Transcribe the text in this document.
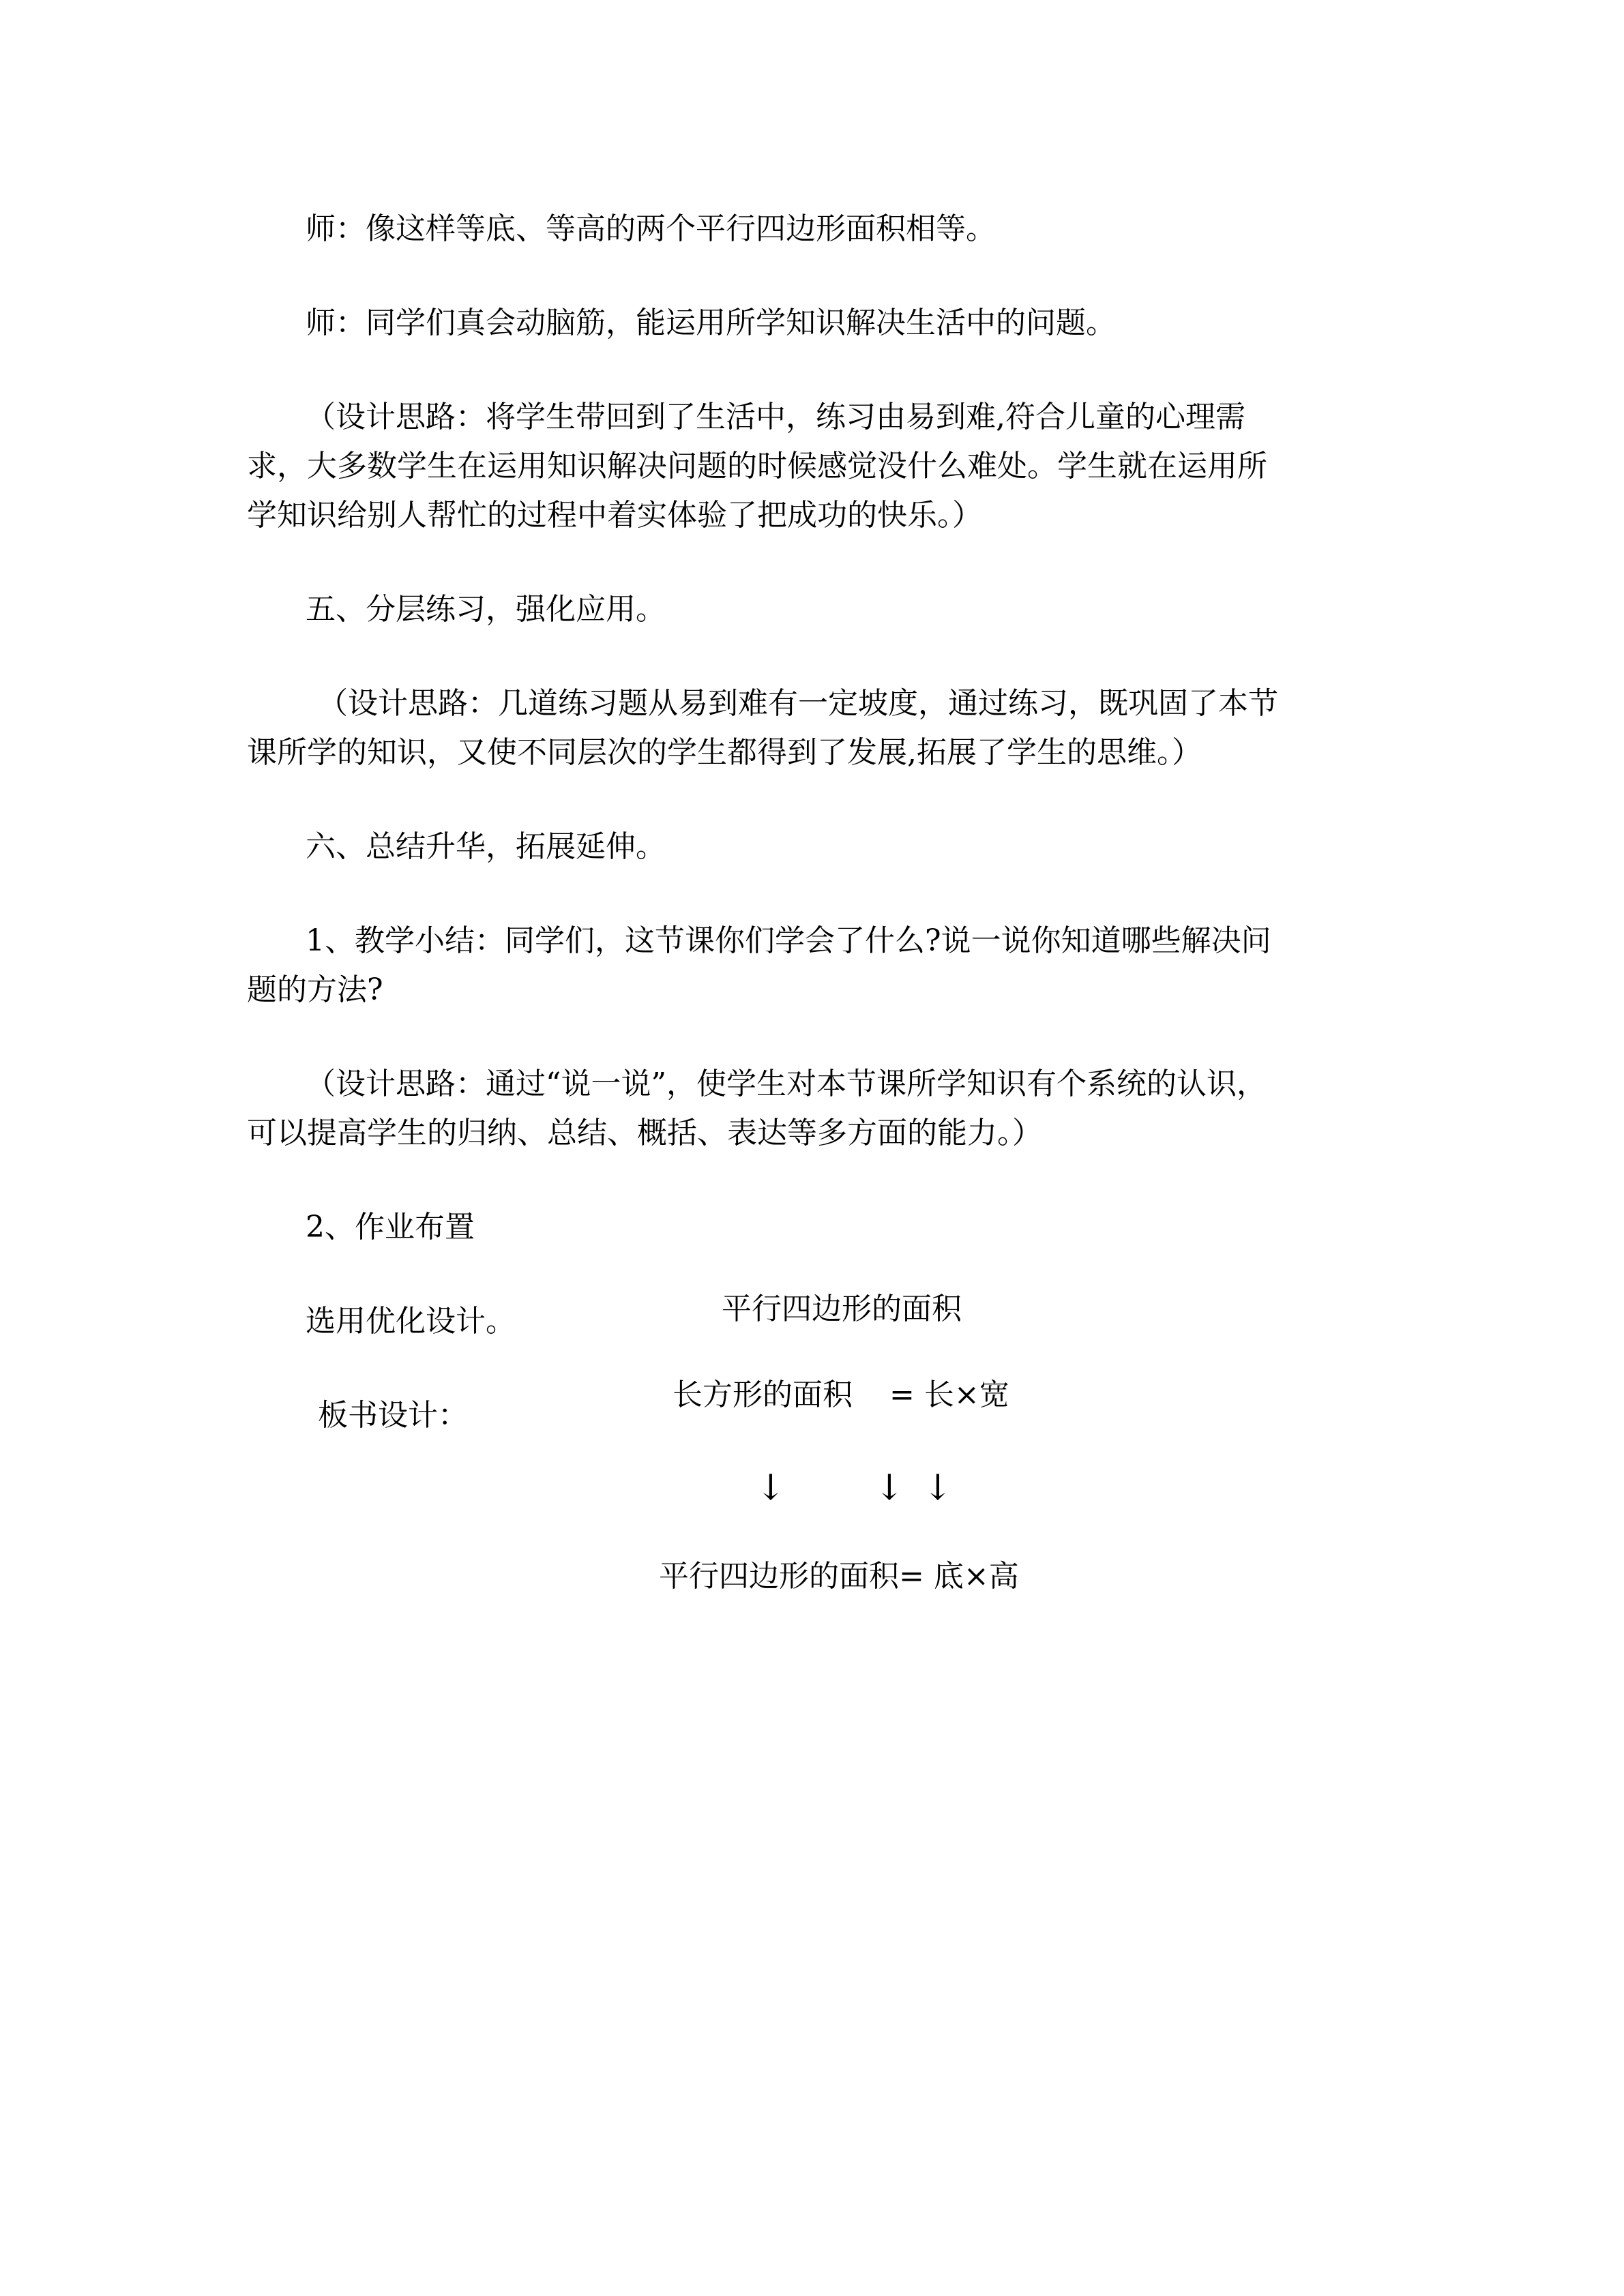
师：像这样等底、等高的两个平行四边形面积相等。

师：同学们真会动脑筋，能运用所学知识解决生活中的问题。

（设计思路：将学生带回到了生活中，练习由易到难,符合儿童的心理需
求，大多数学生在运用知识解决问题的时候感觉没什么难处。学生就在运用所
学知识给别人帮忙的过程中着实体验了把成功的快乐。）

五、分层练习，强化应用。

（设计思路：几道练习题从易到难有一定坡度，通过练习，既巩固了本节
课所学的知识，又使不同层次的学生都得到了发展,拓展了学生的思维。）

六、总结升华，拓展延伸。

1、教学小结：同学们，这节课你们学会了什么?说一说你知道哪些解决问
题的方法?

（设计思路：通过“说一说”，使学生对本节课所学知识有个系统的认识，
可以提高学生的归纳、总结、概括、表达等多方面的能力。）

2、作业布置

选用优化设计。

板书设计：

平行四边形的面积
长方形的面积 = 长×宽
↓	↓ ↓
平行四边形的面积= 底×高
